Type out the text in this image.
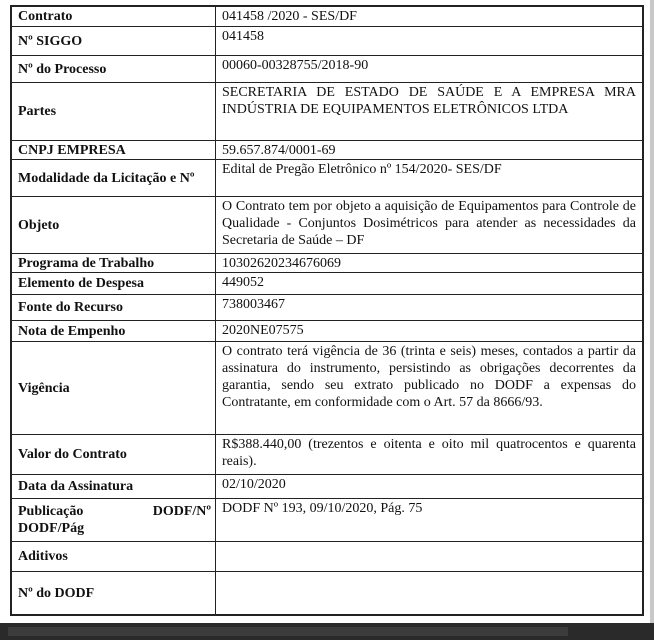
Contrato	041458 /2020 - SES/DF
Nº SIGGO	041458
Nº do Processo	00060-00328755/2018-90
Partes	SECRETARIA DE ESTADO DE SAÚDE E A EMPRESA MRA INDÚSTRIA DE EQUIPAMENTOS ELETRÔNICOS LTDA
CNPJ EMPRESA	59.657.874/0001-69
Modalidade da Licitação e Nº	Edital de Pregão Eletrônico nº 154/2020- SES/DF
Objeto	O Contrato tem por objeto a aquisição de Equipamentos para Controle de Qualidade - Conjuntos Dosimétricos para atender as necessidades da Secretaria de Saúde – DF
Programa de Trabalho	10302620234676069
Elemento de Despesa	449052
Fonte do Recurso	738003467
Nota de Empenho	2020NE07575
Vigência	O contrato terá vigência de 36 (trinta e seis) meses, contados a partir da assinatura do instrumento, persistindo as obrigações decorrentes da garantia, sendo seu extrato publicado no DODF a expensas do Contratante, em conformidade com o Art. 57 da 8666/93.
Valor do Contrato	R$388.440,00 (trezentos e oitenta e oito mil quatrocentos e quarenta reais).
Data da Assinatura	02/10/2020
Publicação DODF/Nº DODF/Pág	DODF Nº 193, 09/10/2020, Pág. 75
Aditivos	
Nº do DODF	
